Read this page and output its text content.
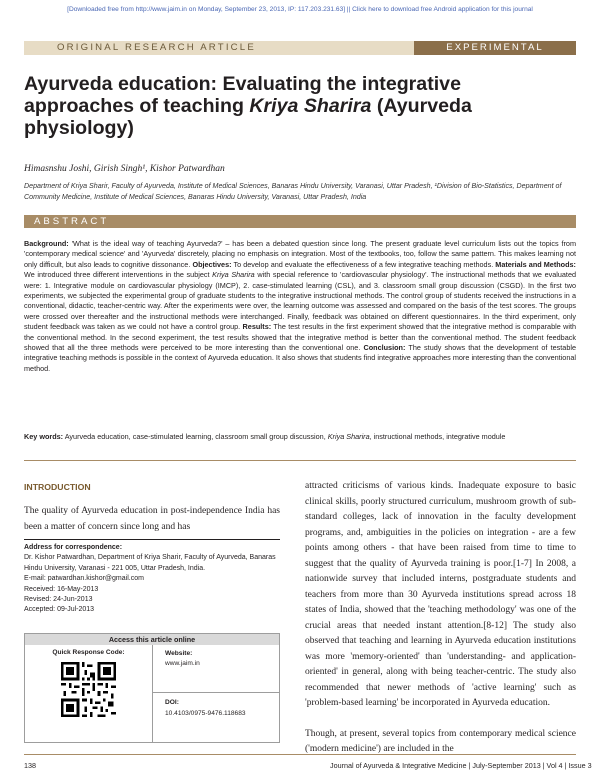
[Downloaded free from http://www.jaim.in on Monday, September 23, 2013, IP: 117.203.231.63] || Click here to download free Android application for this journal
ORIGINAL RESEARCH ARTICLE	EXPERIMENTAL
Ayurveda education: Evaluating the integrative approaches of teaching Kriya Sharira (Ayurveda physiology)
Himasnshu Joshi, Girish Singh¹, Kishor Patwardhan
Department of Kriya Sharir, Faculty of Ayurveda, Institute of Medical Sciences, Banaras Hindu University, Varanasi, Uttar Pradesh, ¹Division of Bio-Statistics, Department of Community Medicine, Institute of Medical Sciences, Banaras Hindu University, Varanasi, Uttar Pradesh, India
ABSTRACT
Background: 'What is the ideal way of teaching Ayurveda?' – has been a debated question since long. The present graduate level curriculum lists out the topics from 'contemporary medical science' and 'Ayurveda' discretely, placing no emphasis on integration. Most of the textbooks, too, follow the same pattern. This makes learning not only difficult, but also leads to cognitive dissonance. Objectives: To develop and evaluate the effectiveness of a few integrative teaching methods. Materials and Methods: We introduced three different interventions in the subject Kriya Sharira with special reference to 'cardiovascular physiology'. The instructional methods that we evaluated were: 1. Integrative module on cardiovascular physiology (IMCP), 2. case-stimulated learning (CSL), and 3. classroom small group discussion (CSGD). In the first two experiments, we subjected the experimental group of graduate students to the integrative instructional methods. The control group of students received the instructions in a conventional, didactic, teacher-centric way. After the experiments were over, the learning outcome was assessed and compared on the basis of the test scores. The groups were crossed over thereafter and the instructional methods were interchanged. Finally, feedback was obtained on different questionnaires. In the third experiment, only student feedback was taken as we could not have a control group. Results: The test results in the first experiment showed that the integrative method is comparable with the conventional method. In the second experiment, the test results showed that the integrative method is better than the conventional method. The student feedback showed that all the three methods were perceived to be more interesting than the conventional one. Conclusion: The study shows that the development of testable integrative teaching methods is possible in the context of Ayurveda education. It also shows that students find integrative approaches more interesting than the conventional method.
Key words: Ayurveda education, case-stimulated learning, classroom small group discussion, Kriya Sharira, instructional methods, integrative module
INTRODUCTION
The quality of Ayurveda education in post-independence India has been a matter of concern since long and has
Address for correspondence:
Dr. Kishor Patwardhan, Department of Kriya Sharir, Faculty of Ayurveda, Banaras Hindu University, Varanasi - 221 005, Uttar Pradesh, India.
E-mail: patwardhan.kishor@gmail.com
Received: 16-May-2013
Revised: 24-Jun-2013
Accepted: 09-Jul-2013
Access this article online
Quick Response Code:	Website:
www.jaim.in
DOI:
10.4103/0975-9476.118683

attracted criticisms of various kinds. Inadequate exposure to basic clinical skills, poorly structured curriculum, mushroom growth of sub-standard colleges, lack of innovation in the faculty development programs, and, ambiguities in the policies on integration - are a few points among others - that have been raised from time to time to suggest that the quality of Ayurveda training is poor.[1-7] In 2008, a nationwide survey that included interns, postgraduate students and teachers from more than 30 Ayurveda institutions spread across 18 states of India, showed that the 'teaching methodology' was one of the crucial areas that needed instant attention.[8-12] The study also observed that teaching and learning in Ayurveda education institutions was more 'memory-oriented' than 'understanding- and application-oriented' in general, along with being teacher-centric. The study also recommended that newer methods of 'active learning' such as 'problem-based learning' be incorporated in Ayurveda education.

Though, at present, several topics from contemporary medical science ('modern medicine') are included in the

138	Journal of Ayurveda & Integrative Medicine | July-September 2013 | Vol 4 | Issue 3
